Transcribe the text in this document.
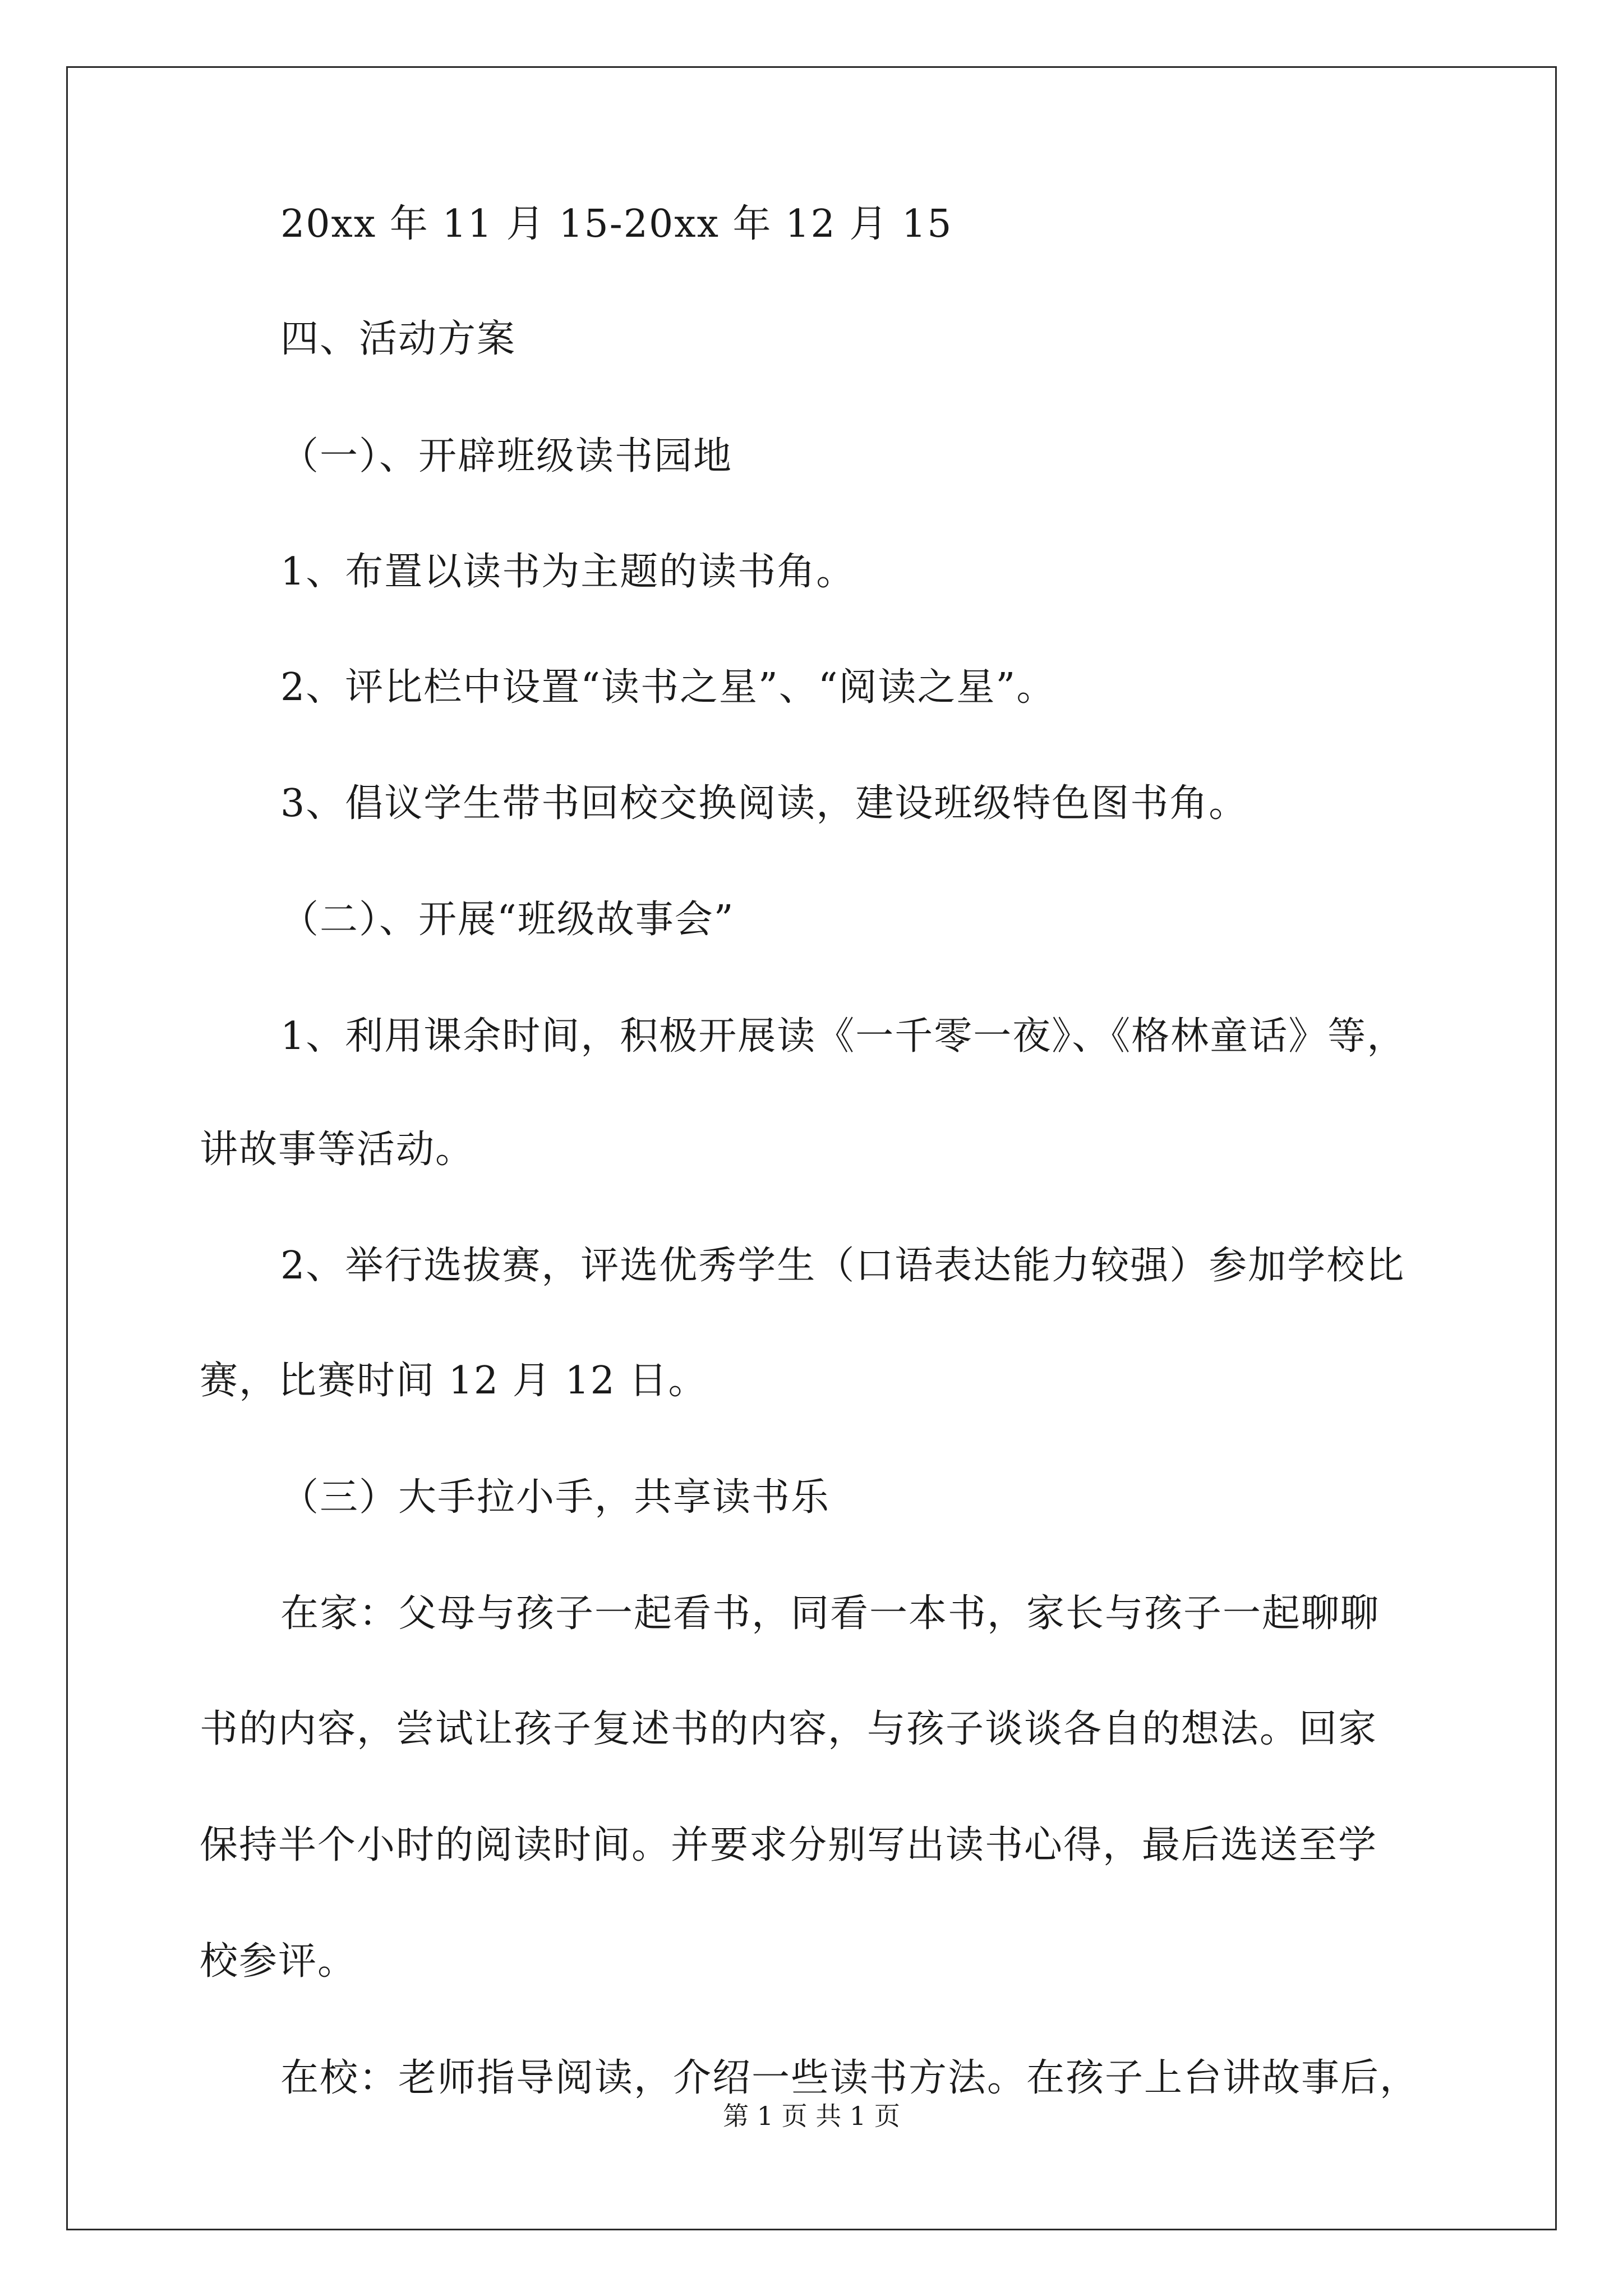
20xx 年 11 月 15-20xx 年 12 月 15
四、活动方案
（一）、开辟班级读书园地
1、布置以读书为主题的读书角。
2、评比栏中设置“读书之星”、“阅读之星”。
3、倡议学生带书回校交换阅读，建设班级特色图书角。
（二）、开展“班级故事会”
1、利用课余时间，积极开展读《一千零一夜》、《格林童话》等，
讲故事等活动。
2、举行选拔赛，评选优秀学生（口语表达能力较强）参加学校比
赛，比赛时间 12 月 12 日。
（三）大手拉小手，共享读书乐
在家：父母与孩子一起看书，同看一本书，家长与孩子一起聊聊
书的内容，尝试让孩子复述书的内容，与孩子谈谈各自的想法。回家
保持半个小时的阅读时间。并要求分别写出读书心得，最后选送至学
校参评。
在校：老师指导阅读，介绍一些读书方法。在孩子上台讲故事后，
第 1 页 共 1 页
